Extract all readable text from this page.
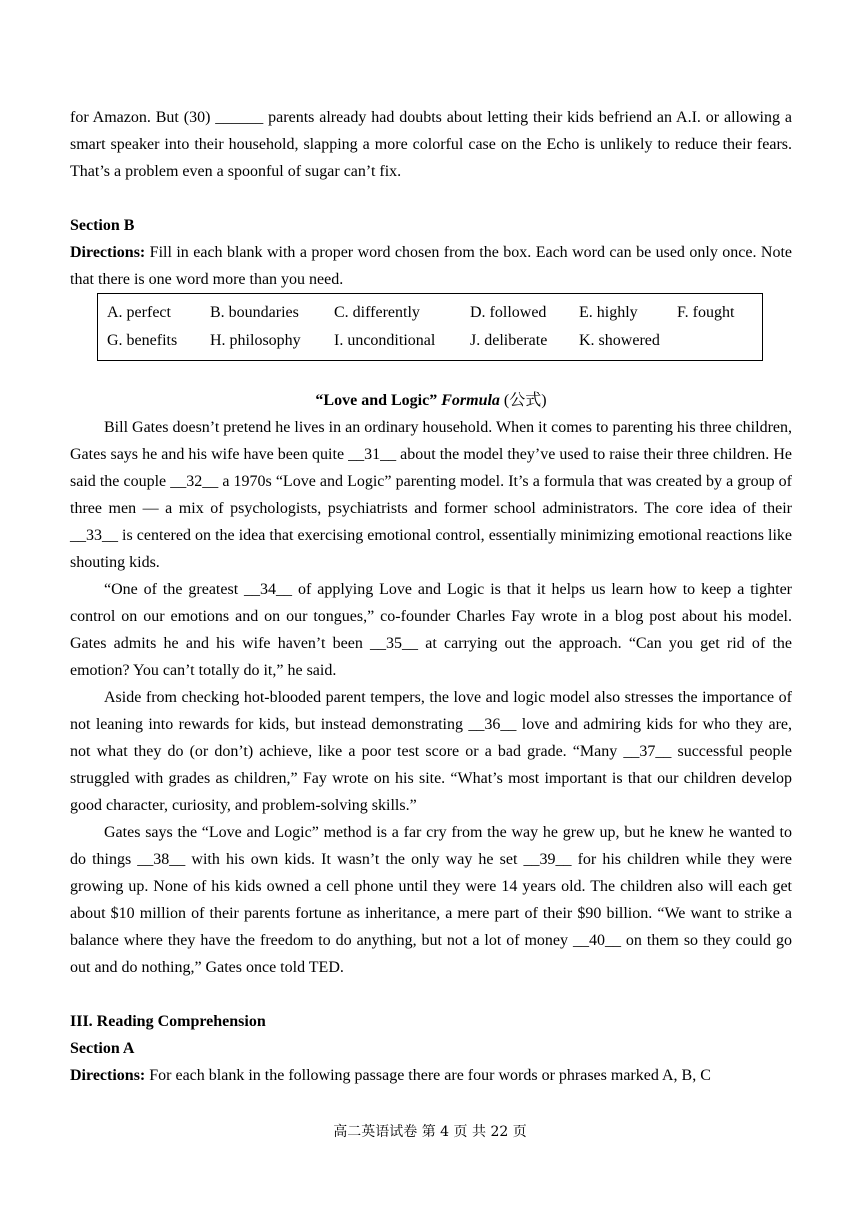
for Amazon. But (30) ______ parents already had doubts about letting their kids befriend an A.I. or allowing a smart speaker into their household, slapping a more colorful case on the Echo is unlikely to reduce their fears. That’s a problem even a spoonful of sugar can’t fix.

Section B

Directions: Fill in each blank with a proper word chosen from the box. Each word can be used only once. Note that there is one word more than you need.

A. perfect	B. boundaries	C. differently	D. followed	E. highly	F. fought
G. benefits	H. philosophy	I. unconditional	J. deliberate	K. showered

“Love and Logic” Formula (公式)

Bill Gates doesn’t pretend he lives in an ordinary household. When it comes to parenting his three children, Gates says he and his wife have been quite __31__ about the model they’ve used to raise their three children. He said the couple __32__ a 1970s “Love and Logic” parenting model. It’s a formula that was created by a group of three men — a mix of psychologists, psychiatrists and former school administrators. The core idea of their __33__ is centered on the idea that exercising emotional control, essentially minimizing emotional reactions like shouting kids.

“One of the greatest __34__ of applying Love and Logic is that it helps us learn how to keep a tighter control on our emotions and on our tongues,” co-founder Charles Fay wrote in a blog post about his model. Gates admits he and his wife haven’t been __35__ at carrying out the approach. “Can you get rid of the emotion? You can’t totally do it,” he said.

Aside from checking hot-blooded parent tempers, the love and logic model also stresses the importance of not leaning into rewards for kids, but instead demonstrating __36__ love and admiring kids for who they are, not what they do (or don’t) achieve, like a poor test score or a bad grade. “Many __37__ successful people struggled with grades as children,” Fay wrote on his site. “What’s most important is that our children develop good character, curiosity, and problem-solving skills.”

Gates says the “Love and Logic” method is a far cry from the way he grew up, but he knew he wanted to do things __38__ with his own kids. It wasn’t the only way he set __39__ for his children while they were growing up. None of his kids owned a cell phone until they were 14 years old. The children also will each get about $10 million of their parents fortune as inheritance, a mere part of their $90 billion. “We want to strike a balance where they have the freedom to do anything, but not a lot of money __40__ on them so they could go out and do nothing,” Gates once told TED.

III. Reading Comprehension

Section A

Directions: For each blank in the following passage there are four words or phrases marked A, B, C

高二英语试卷 第 4 页 共 22 页
